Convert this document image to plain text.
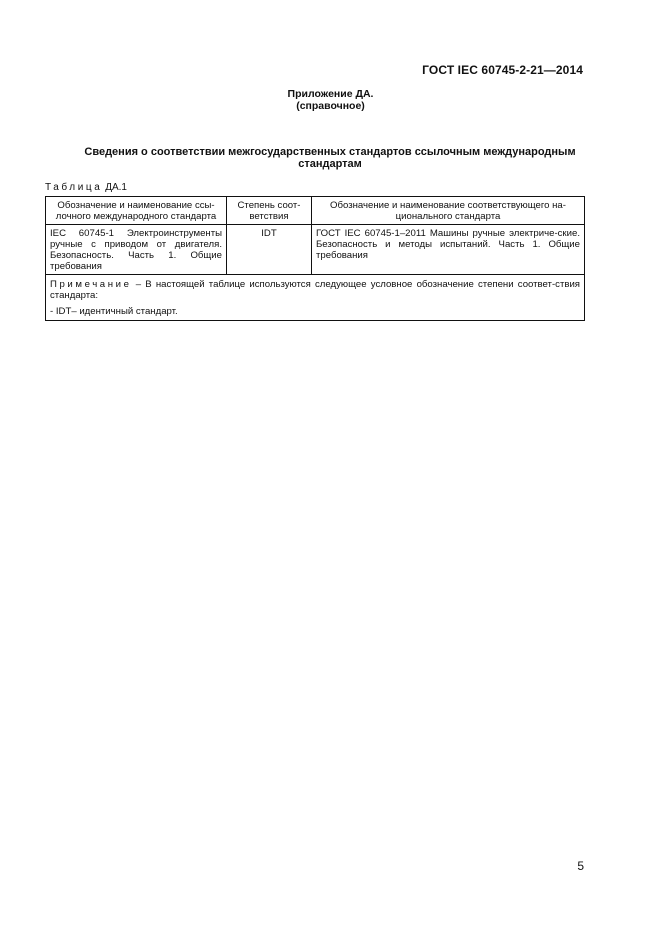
ГОСТ IEC 60745-2-21—2014
Приложение ДА.
(справочное)
Сведения о соответствии межгосударственных стандартов ссылочным международным
стандартам
Таблица ДА.1
Обозначение и наименование ссы-лочного международного стандарта	Степень соот-ветствия	Обозначение и наименование соответствующего на-ционального стандарта
IEC 60745-1 Электроинструменты ручные с приводом от двигателя. Безопасность. Часть 1. Общие требования	IDT	ГОСТ IEC 60745-1–2011 Машины ручные электриче-ские. Безопасность и методы испытаний. Часть 1. Общие требования

Примечание – В настоящей таблице используются следующее условное обозначение степени соответ-ствия стандарта:
- IDT– идентичный стандарт.		
5
